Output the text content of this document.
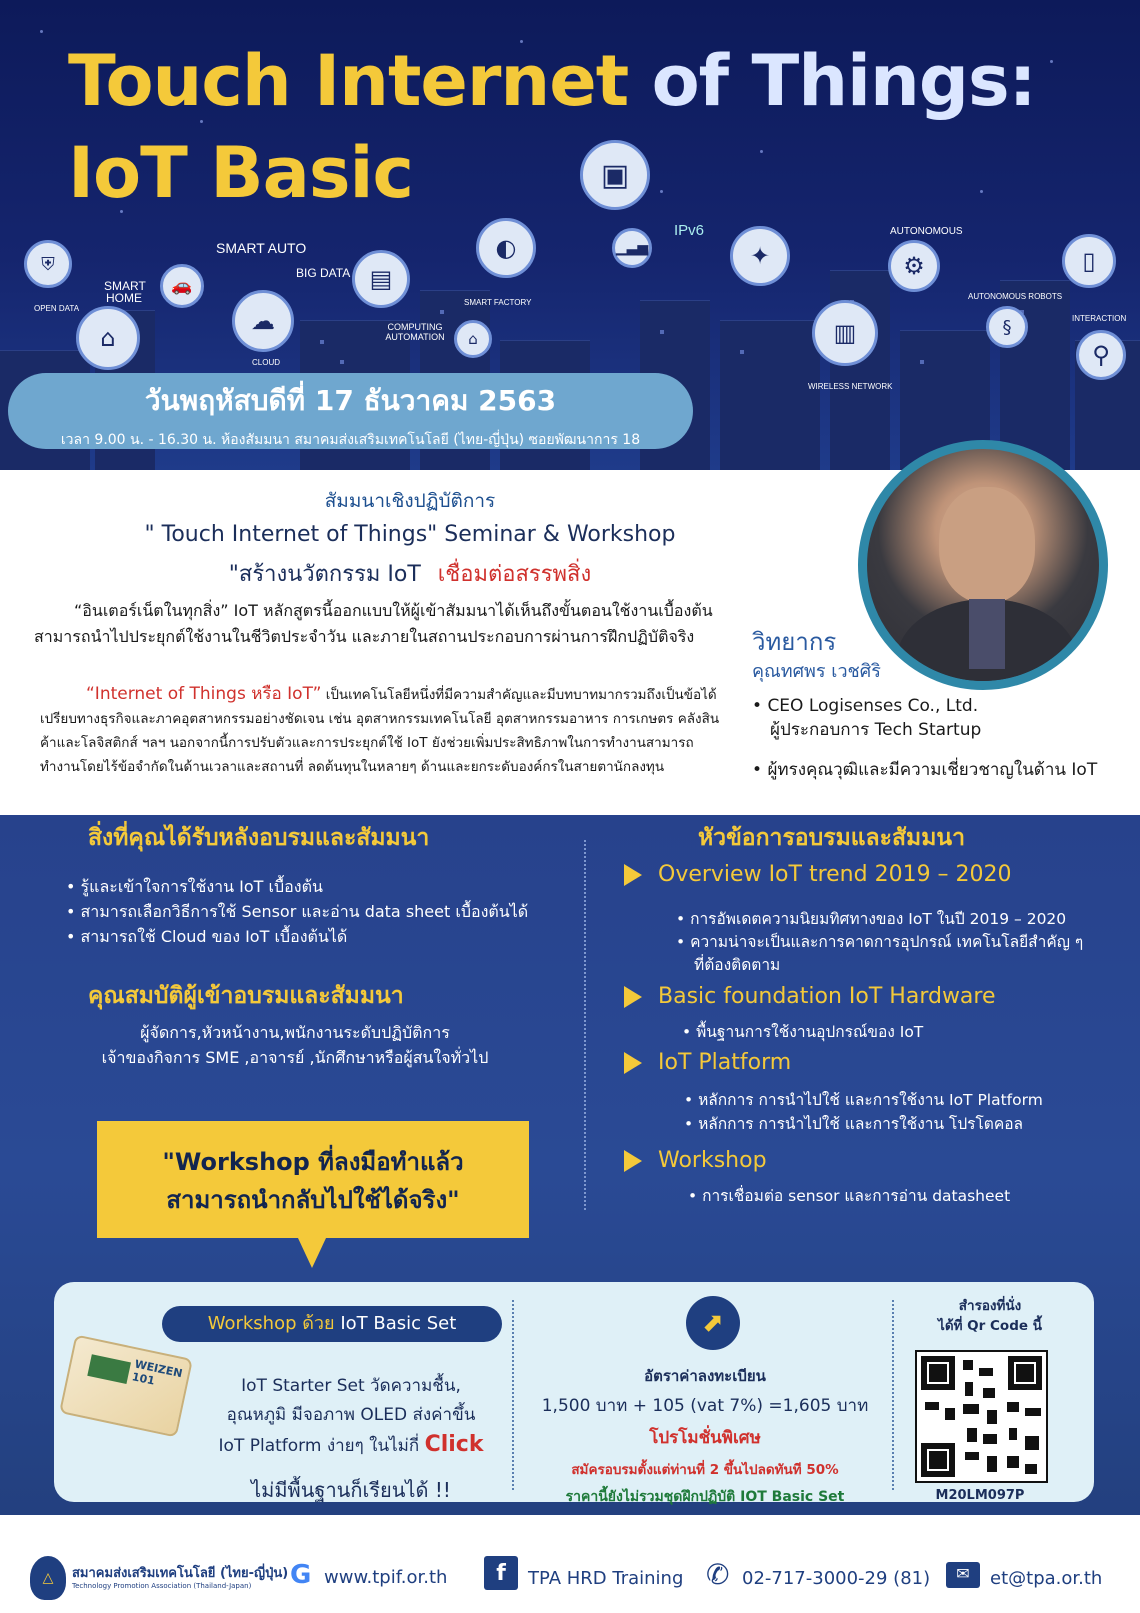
Touch Internet of Things:
IoT Basic
⛨
🚗
⌂
☁
▤
◐
▣
▁▃▅	✦
▥
⚙	▯
§
⚲
⌂
SMART AUTO
BIG DATA
IPv6	AUTONOMOUS
SMART HOME
OPEN DATA
SMART FACTORY
AUTONOMOUS ROBOTS
COMPUTING AUTOMATION
CLOUD
WIRELESS NETWORK
INTERACTION
วันพฤหัสบดีที่ 17 ธันวาคม 2563
เวลา 9.00 น. - 16.30 น. ห้องสัมมนา สมาคมส่งเสริมเทคโนโลยี (ไทย-ญี่ปุ่น) ซอยพัฒนาการ 18
สัมมนาเชิงปฏิบัติการ
" Touch Internet of Things" Seminar & Workshop
"สร้างนวัตกรรม IoT เชื่อมต่อสรรพสิ่ง
“อินเตอร์เน็ตในทุกสิ่ง” IoT หลักสูตรนี้ออกแบบให้ผู้เข้าสัมมนาได้เห็นถึงขั้นตอนใช้งานเบื้องต้นสามารถนำไปประยุกต์ใช้งานในชีวิตประจำวัน และภายในสถานประกอบการผ่านการฝึกปฏิบัติจริง
“Internet of Things หรือ IoT” เป็นเทคโนโลยีหนึ่งที่มีความสำคัญและมีบทบาทมากรวมถึงเป็นข้อได้เปรียบทางธุรกิจและภาคอุตสาหกรรมอย่างชัดเจน เช่น อุตสาหกรรมเทคโนโลยี อุตสาหกรรมอาหาร การเกษตร คลังสินค้าและโลจิสติกส์ ฯลฯ นอกจากนี้การปรับตัวและการประยุกต์ใช้ IoT ยังช่วยเพิ่มประสิทธิภาพในการทำงานสามารถทำงานโดยไร้ข้อจำกัดในด้านเวลาและสถานที่ ลดต้นทุนในหลายๆ ด้านและยกระดับองค์กรในสายตานักลงทุน
วิทยากร
คุณทศพร เวชศิริ
• CEO Logisenses Co., Ltd.
ผู้ประกอบการ Tech Startup
• ผู้ทรงคุณวุฒิและมีความเชี่ยวชาญในด้าน IoT
สิ่งที่คุณได้รับหลังอบรมและสัมมนา
• รู้และเข้าใจการใช้งาน IoT เบื้องต้น
• สามารถเลือกวิธีการใช้ Sensor และอ่าน data sheet เบื้องต้นได้
• สามารถใช้ Cloud ของ IoT เบื้องต้นได้
คุณสมบัติผู้เข้าอบรมและสัมมนา
ผู้จัดการ,หัวหน้างาน,พนักงานระดับปฏิบัติการ
เจ้าของกิจการ SME ,อาจารย์ ,นักศึกษาหรือผู้สนใจทั่วไป
"Workshop ที่ลงมือทำแล้ว
สามารถนำกลับไปใช้ได้จริง"
หัวข้อการอบรมและสัมมนา
Overview IoT trend 2019 – 2020
• การอัพเดตความนิยมทิศทางของ IoT ในปี 2019 – 2020
• ความน่าจะเป็นและการคาดการอุปกรณ์ เทคโนโลยีสำคัญ ๆ
ที่ต้องติดตาม
Basic foundation IoT Hardware
• พื้นฐานการใช้งานอุปกรณ์ของ IoT
IoT Platform
• หลักการ การนำไปใช้ และการใช้งาน IoT Platform
• หลักการ การนำไปใช้ และการใช้งาน โปรโตคอล
Workshop
• การเชื่อมต่อ sensor และการอ่าน datasheet
Workshop ด้วย IoT Basic Set
WEIZEN 101	IoT Starter Set วัดความชื้น,
อุณหภูมิ มีจอภาพ OLED ส่งค่าขึ้น
IoT Platform ง่ายๆ ในไม่กี่ Click
ไม่มีพื้นฐานก็เรียนได้ !!
⬈
อัตราค่าลงทะเบียน
1,500 บาท + 105 (vat 7%) =1,605 บาท
โปรโมชั่นพิเศษ
สมัครอบรมตั้งแต่ท่านที่ 2 ขึ้นไปลดทันที 50%
ราคานี้ยังไม่รวมชุดฝึกปฏิบัติ IOT Basic Set
สำรองที่นั่ง
ได้ที่ Qr Code นี้
M20LM097P
△	สมาคมส่งเสริมเทคโนโลยี (ไทย-ญี่ปุ่น)
Technology Promotion Association (Thailand-Japan) G www.tpif.or.th	f	TPA HRD Training ✆ 02-717-3000-29 (81)	✉	et@tpa.or.th
